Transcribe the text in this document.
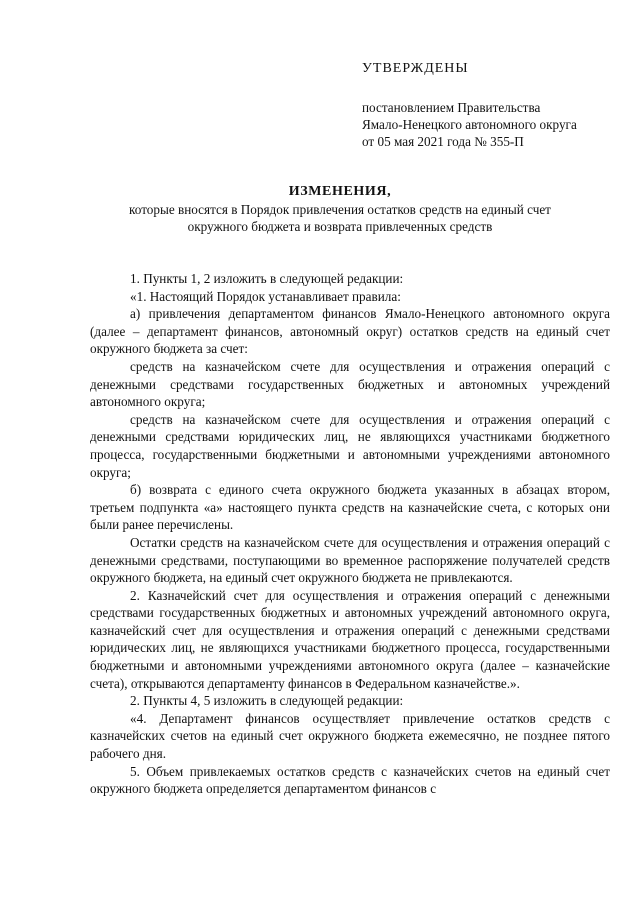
УТВЕРЖДЕНЫ
постановлением Правительства
Ямало-Ненецкого автономного округа
от 05 мая 2021 года № 355-П
ИЗМЕНЕНИЯ,
которые вносятся в Порядок привлечения остатков средств на единый счет
окружного бюджета и возврата привлеченных средств

1. Пункты 1, 2 изложить в следующей редакции:

«1. Настоящий Порядок устанавливает правила:

а) привлечения департаментом финансов Ямало-Ненецкого автономного округа (далее – департамент финансов, автономный округ) остатков средств на единый счет окружного бюджета за счет:

средств на казначейском счете для осуществления и отражения операций с денежными средствами государственных бюджетных и автономных учреждений автономного округа;

средств на казначейском счете для осуществления и отражения операций с денежными средствами юридических лиц, не являющихся участниками бюджетного процесса, государственными бюджетными и автономными учреждениями автономного округа;

б) возврата с единого счета окружного бюджета указанных в абзацах втором, третьем подпункта «а» настоящего пункта средств на казначейские счета, с которых они были ранее перечислены.

Остатки средств на казначейском счете для осуществления и отражения операций с денежными средствами, поступающими во временное распоряжение получателей средств окружного бюджета, на единый счет окружного бюджета не привлекаются.

2. Казначейский счет для осуществления и отражения операций с денежными средствами государственных бюджетных и автономных учреждений автономного округа, казначейский счет для осуществления и отражения операций с денежными средствами юридических лиц, не являющихся участниками бюджетного процесса, государственными бюджетными и автономными учреждениями автономного округа (далее – казначейские счета), открываются департаменту финансов в Федеральном казначействе.».

2. Пункты 4, 5 изложить в следующей редакции:

«4. Департамент финансов осуществляет привлечение остатков средств с казначейских счетов на единый счет окружного бюджета ежемесячно, не позднее пятого рабочего дня.

5. Объем привлекаемых остатков средств с казначейских счетов на единый счет окружного бюджета определяется департаментом финансов с
